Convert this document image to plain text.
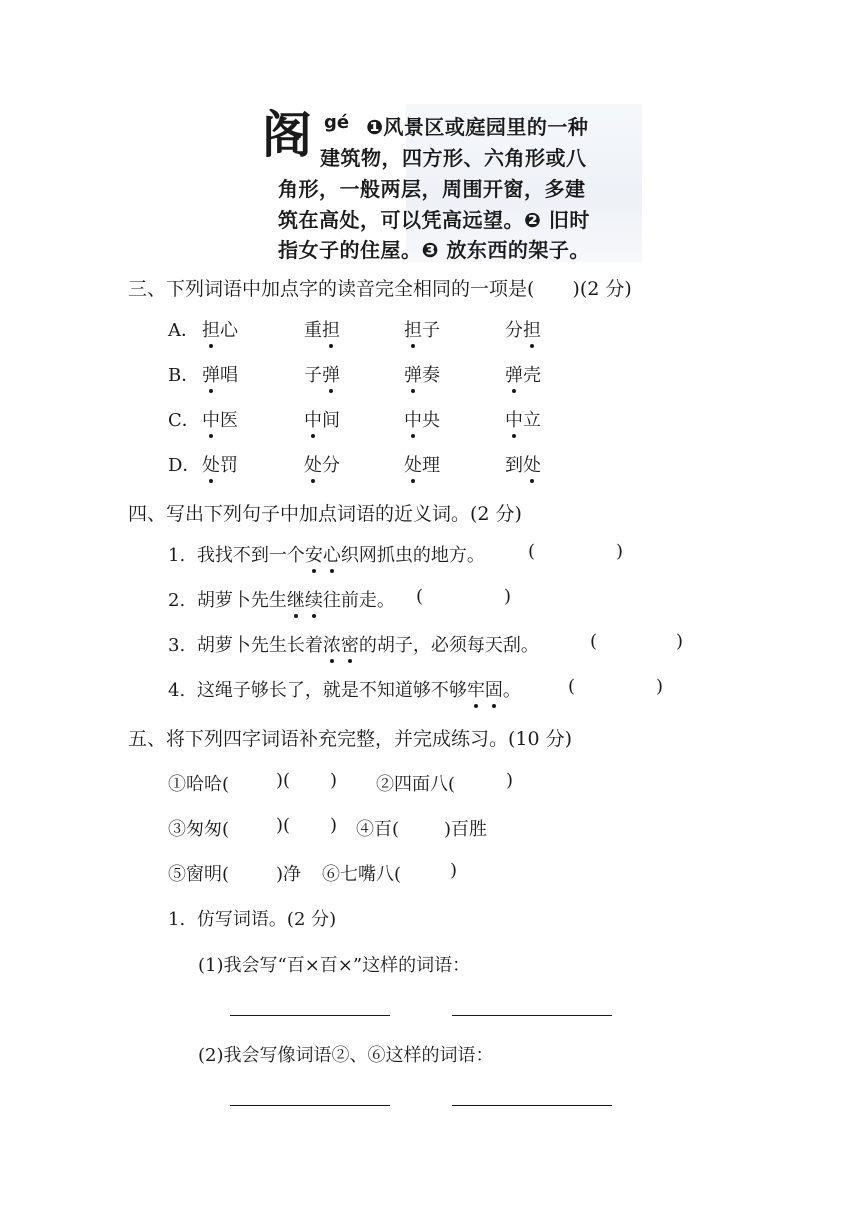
阁 gé ❶风景区或庭园里的一种
建筑物，四方形、六角形或八
角形，一般两层，周围开窗，多建
筑在高处，可以凭高远望。❷ 旧时
指女子的住屋。❸ 放东西的架子。
三、下列词语中加点字的读音完全相同的一项是(　　)(2 分)
A． 担心	重担	担子	分担
B． 弹唱	子弹	弹奏	弹壳
C． 中医	中间	中央	中立
D． 处罚	处分	处理	到处
四、写出下列句子中加点词语的近义词。(2 分)
1. 我找不到一个安心织网抓虫的地方。 (	)
2. 胡萝卜先生继续往前走。 (	)
3. 胡萝卜先生长着浓密的胡子，必须每天刮。	(	)
4. 这绳子够长了，就是不知道够不够牢固。	(	)
五、将下列四字词语补充完整，并完成练习。(10 分)
①哈哈(	)( ) ②四面八(	)
③匆匆(	)( ) ④百( )百胜
⑤窗明(	)净 ⑥七嘴八(	)
1. 仿写词语。(2 分)
(1)我会写“百×百×”这样的词语：
(2)我会写像词语②、⑥这样的词语：
